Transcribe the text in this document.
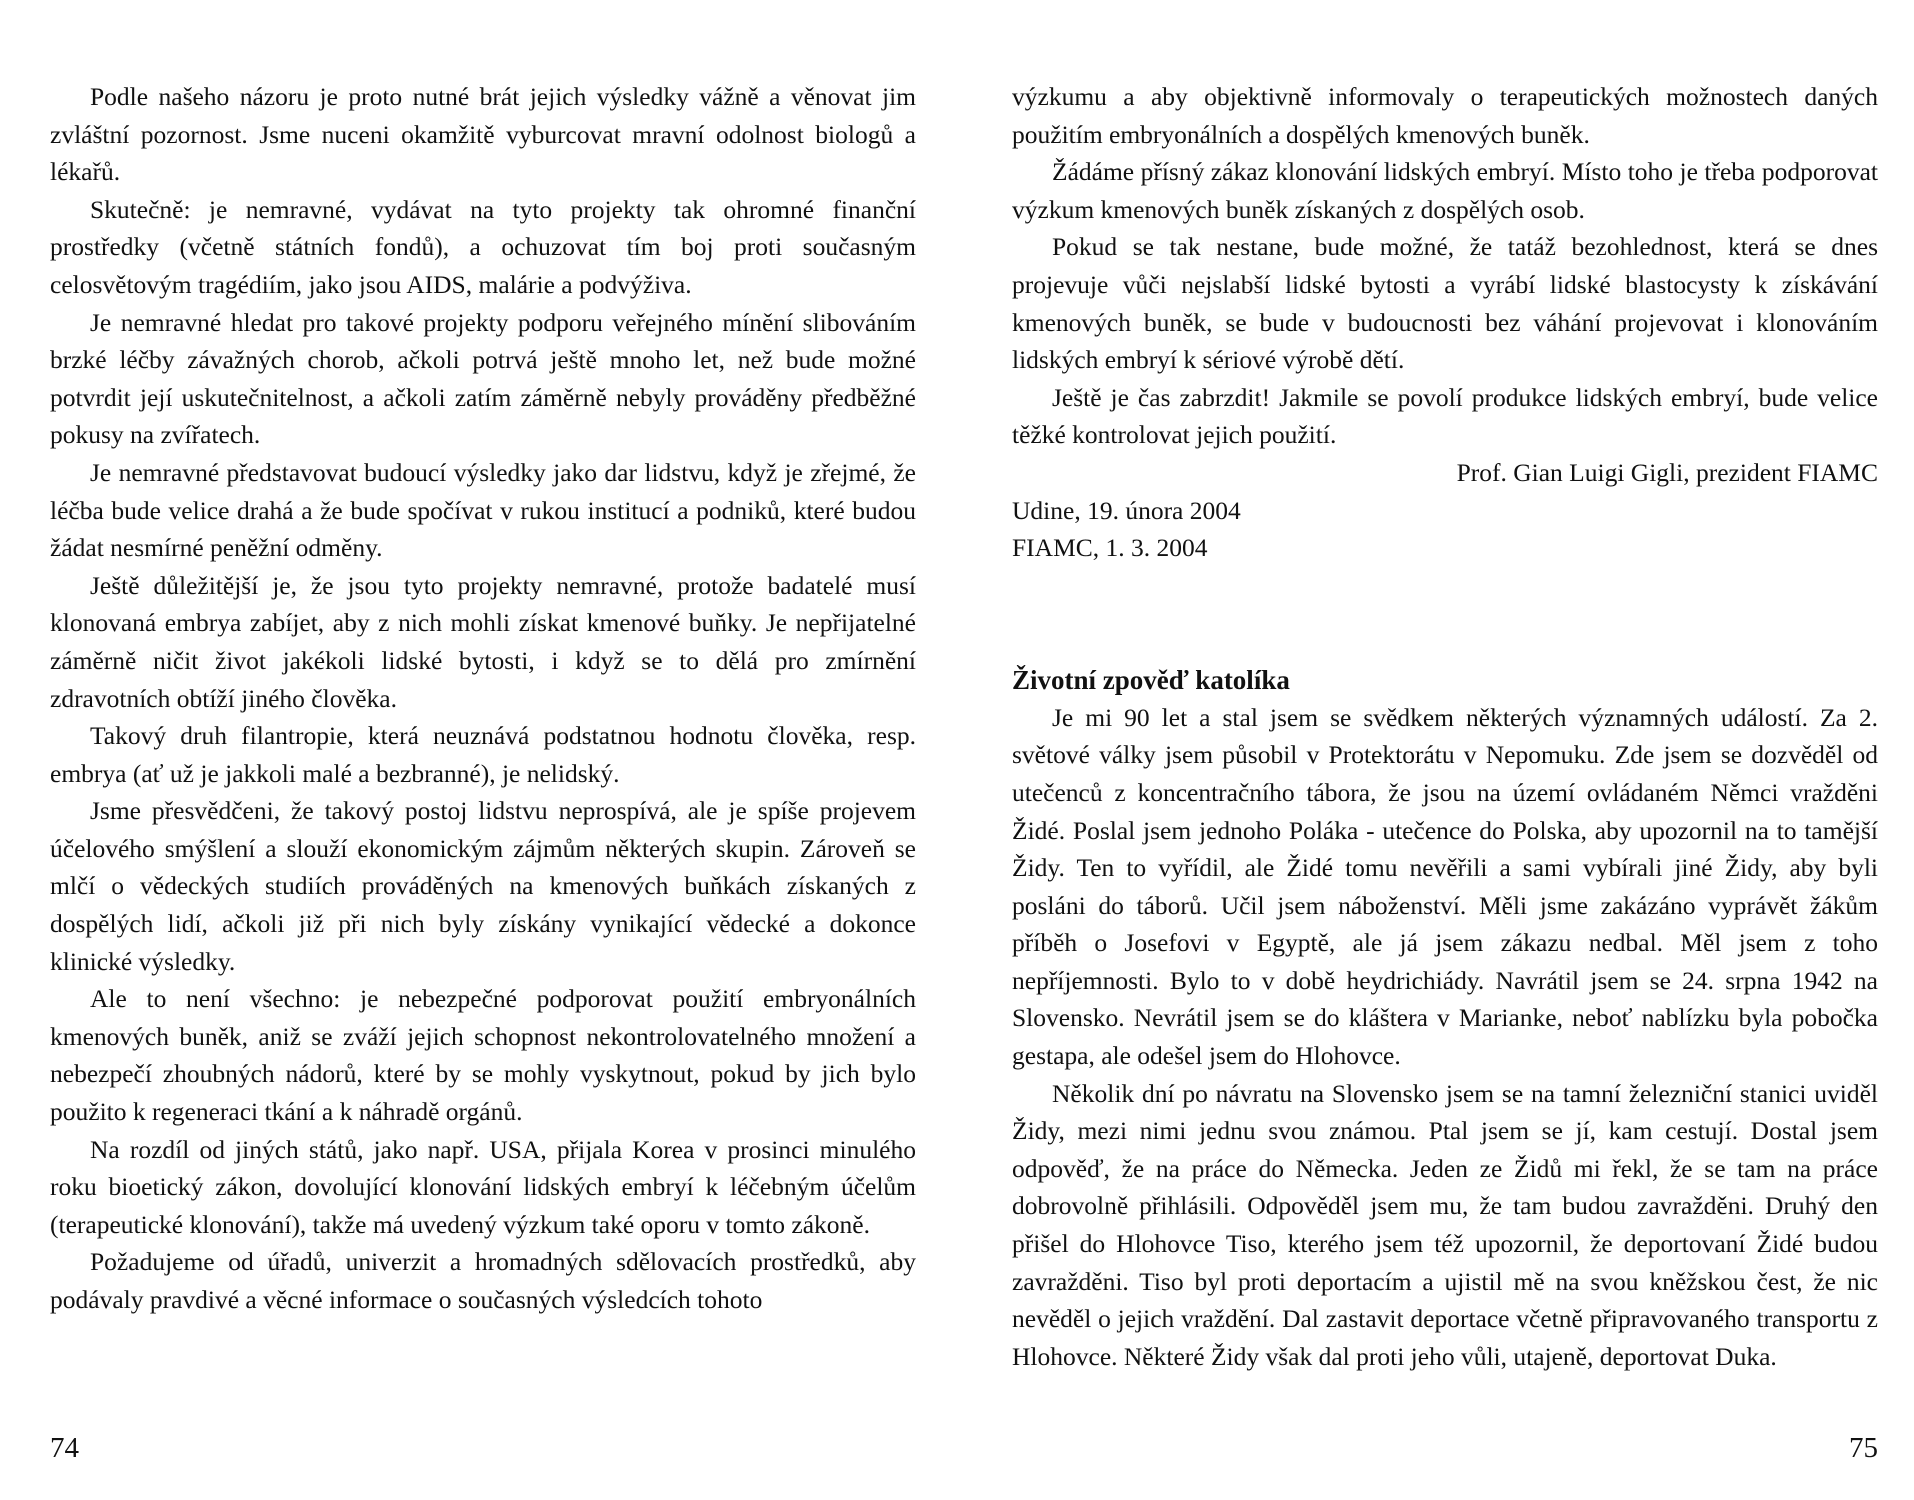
Podle našeho názoru je proto nutné brát jejich výsledky vážně a věnovat jim zvláštní pozornost. Jsme nuceni okamžitě vyburcovat mravní odolnost biologů a lékařů.

Skutečně: je nemravné, vydávat na tyto projekty tak ohromné finanční prostředky (včetně státních fondů), a ochuzovat tím boj proti současným celosvětovým tragédiím, jako jsou AIDS, malárie a podvýživa.

Je nemravné hledat pro takové projekty podporu veřejného mínění slibováním brzké léčby závažných chorob, ačkoli potrvá ještě mnoho let, než bude možné potvrdit její uskutečnitelnost, a ačkoli zatím záměrně nebyly prováděny předběžné pokusy na zvířatech.

Je nemravné představovat budoucí výsledky jako dar lidstvu, když je zřejmé, že léčba bude velice drahá a že bude spočívat v rukou institucí a podniků, které budou žádat nesmírné peněžní odměny.

Ještě důležitější je, že jsou tyto projekty nemravné, protože badatelé musí klonovaná embrya zabíjet, aby z nich mohli získat kmenové buňky. Je nepřijatelné záměrně ničit život jakékoli lidské bytosti, i když se to dělá pro zmírnění zdravotních obtíží jiného člověka.

Takový druh filantropie, která neuznává podstatnou hodnotu člověka, resp. embrya (ať už je jakkoli malé a bezbranné), je nelidský.

Jsme přesvědčeni, že takový postoj lidstvu neprospívá, ale je spíše projevem účelového smýšlení a slouží ekonomickým zájmům některých skupin. Zároveň se mlčí o vědeckých studiích prováděných na kmenových buňkách získaných z dospělých lidí, ačkoli již při nich byly získány vynikající vědecké a dokonce klinické výsledky.

Ale to není všechno: je nebezpečné podporovat použití embryonálních kmenových buněk, aniž se zváží jejich schopnost nekontrolovatelného množení a nebezpečí zhoubných nádorů, které by se mohly vyskytnout, pokud by jich bylo použito k regeneraci tkání a k náhradě orgánů.

Na rozdíl od jiných států, jako např. USA, přijala Korea v prosinci minulého roku bioetický zákon, dovolující klonování lidských embryí k léčebným účelům (terapeutické klonování), takže má uvedený výzkum také oporu v tomto zákoně.

Požadujeme od úřadů, univerzit a hromadných sdělovacích prostředků, aby podávaly pravdivé a věcné informace o současných výsledcích tohoto

74

výzkumu a aby objektivně informovaly o terapeutických možnostech daných použitím embryonálních a dospělých kmenových buněk.

Žádáme přísný zákaz klonování lidských embryí. Místo toho je třeba podporovat výzkum kmenových buněk získaných z dospělých osob.

Pokud se tak nestane, bude možné, že tatáž bezohlednost, která se dnes projevuje vůči nejslabší lidské bytosti a vyrábí lidské blastocysty k získávání kmenových buněk, se bude v budoucnosti bez váhání projevovat i klonováním lidských embryí k sériové výrobě dětí.

Ještě je čas zabrzdit! Jakmile se povolí produkce lidských embryí, bude velice těžké kontrolovat jejich použití.

Prof. Gian Luigi Gigli, prezident FIAMC

Udine, 19. února 2004

FIAMC, 1. 3. 2004

Životní zpověď katolíka

Je mi 90 let a stal jsem se svědkem některých významných událostí. Za 2. světové války jsem působil v Protektorátu v Nepomuku. Zde jsem se dozvěděl od utečenců z koncentračního tábora, že jsou na území ovládaném Němci vražděni Židé. Poslal jsem jednoho Poláka - utečence do Polska, aby upozornil na to tamější Židy. Ten to vyřídil, ale Židé tomu nevěřili a sami vybírali jiné Židy, aby byli posláni do táborů. Učil jsem náboženství. Měli jsme zakázáno vyprávět žákům příběh o Josefovi v Egyptě, ale já jsem zákazu nedbal. Měl jsem z toho nepříjemnosti. Bylo to v době heydrichiády. Navrátil jsem se 24. srpna 1942 na Slovensko. Nevrátil jsem se do kláštera v Marianke, neboť nablízku byla pobočka gestapa, ale odešel jsem do Hlohovce.

Několik dní po návratu na Slovensko jsem se na tamní železniční stanici uviděl Židy, mezi nimi jednu svou známou. Ptal jsem se jí, kam cestují. Dostal jsem odpověď, že na práce do Německa. Jeden ze Židů mi řekl, že se tam na práce dobrovolně přihlásili. Odpověděl jsem mu, že tam budou zavražděni. Druhý den přišel do Hlohovce Tiso, kterého jsem též upozornil, že deportovaní Židé budou zavražděni. Tiso byl proti deportacím a ujistil mě na svou kněžskou čest, že nic nevěděl o jejich vraždění. Dal zastavit deportace včetně připravovaného transportu z Hlohovce. Některé Židy však dal proti jeho vůli, utajeně, deportovat Duka.

75
